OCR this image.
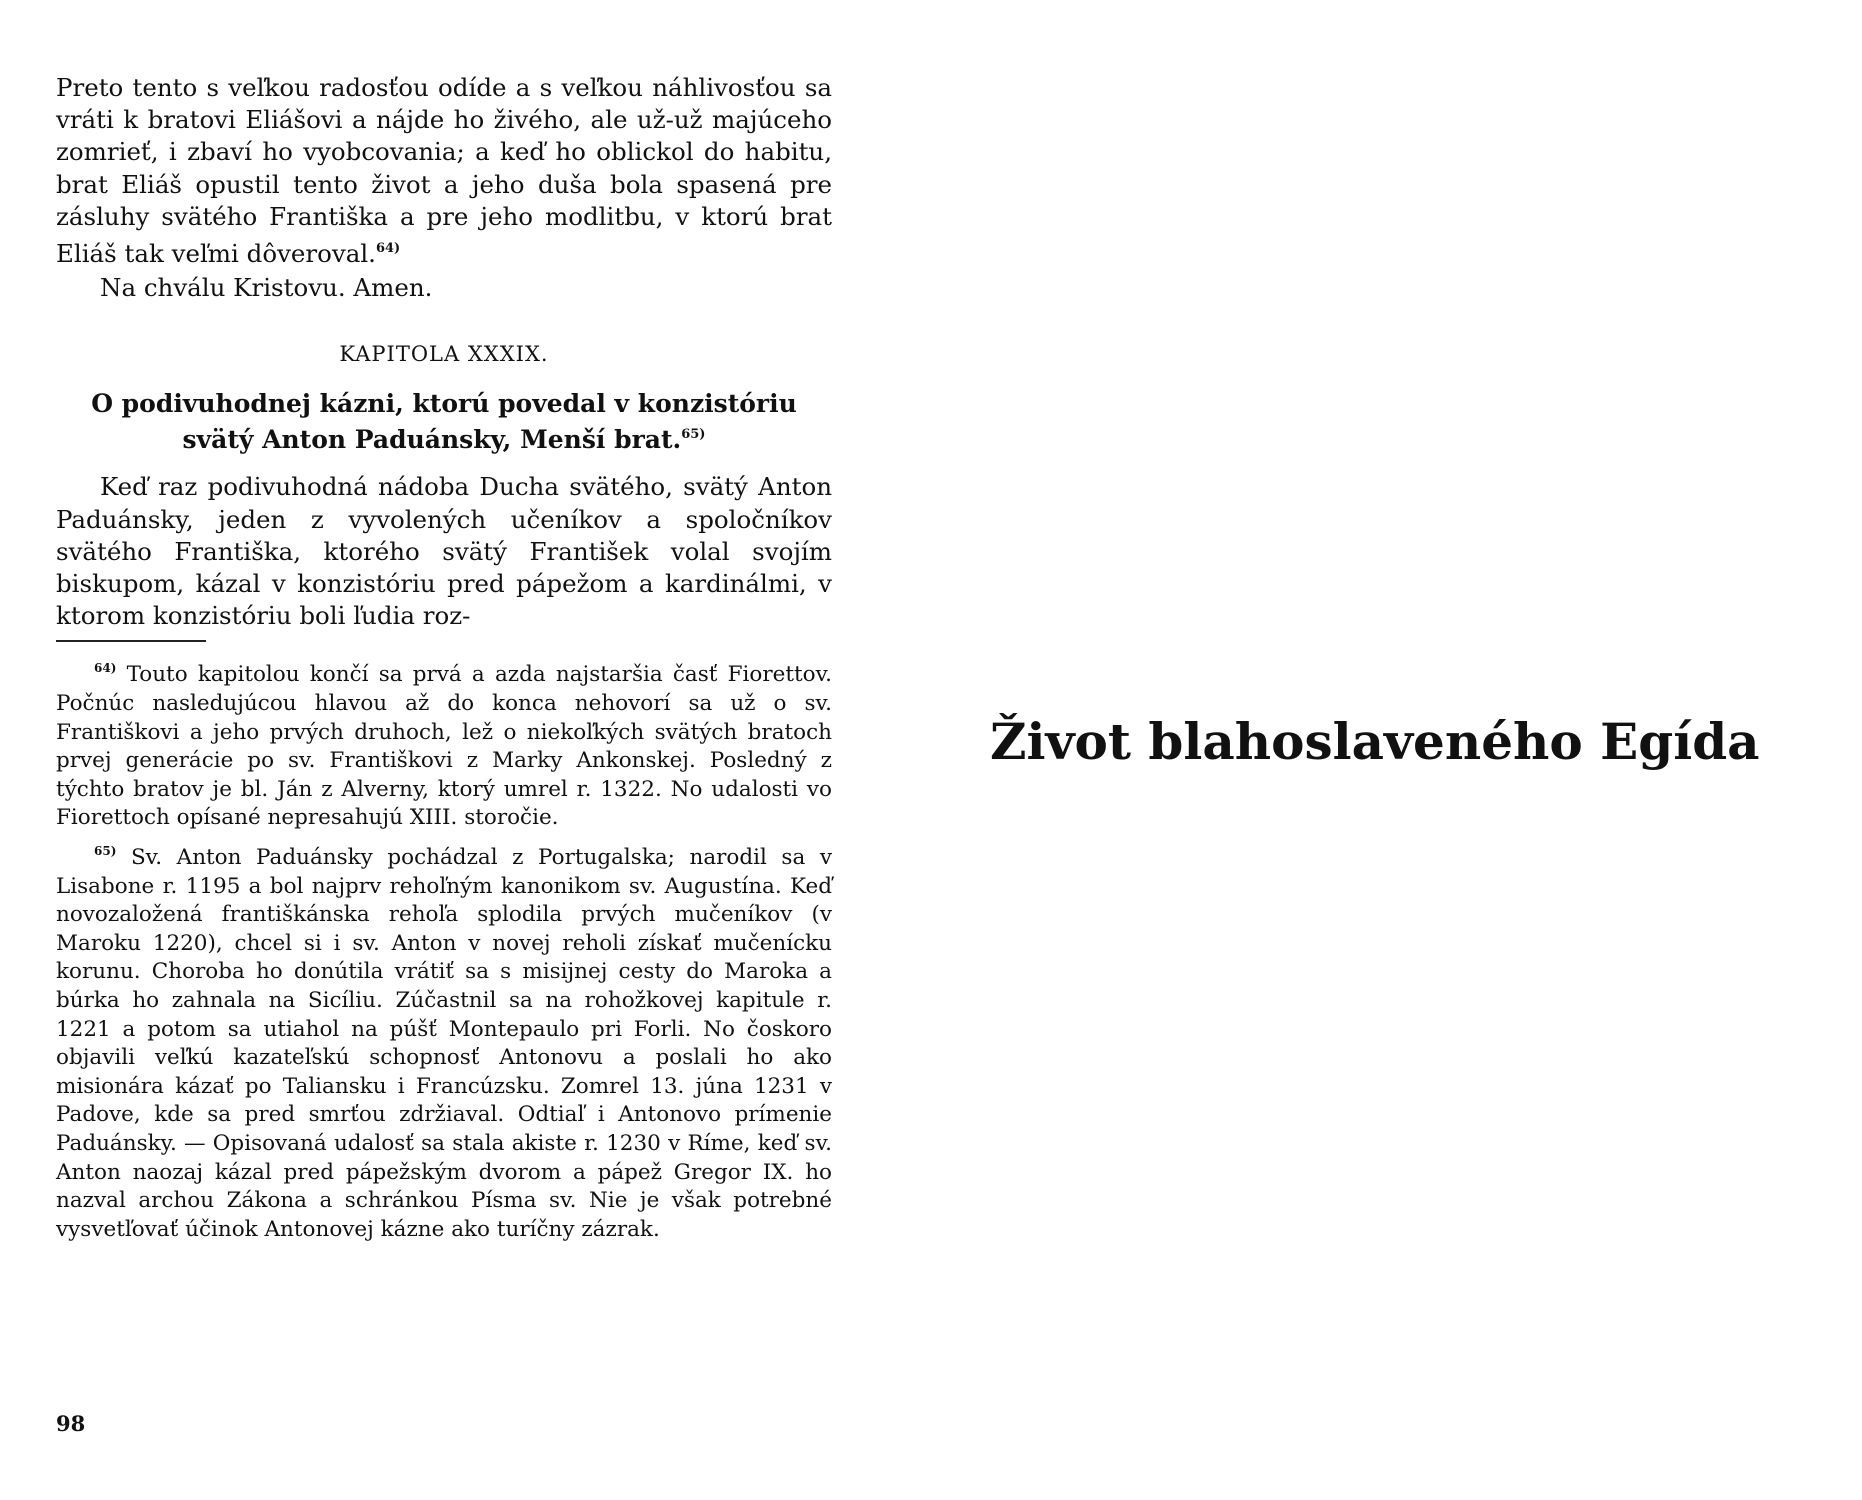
Preto tento s veľkou radosťou odíde a s veľkou náhlivosťou sa vráti k bratovi Eliášovi a nájde ho živého, ale už-už majúceho zomrieť, i zbaví ho vyobcovania; a keď ho oblickol do habitu, brat Eliáš opustil tento život a jeho duša bola spasená pre zásluhy svätého Františka a pre jeho modlitbu, v ktorú brat Eliáš tak veľmi dôveroval.$^{64)}$

Na chválu Kristovu. Amen.

KAPITOLA XXXIX.
O podivuhodnej kázni, ktorú povedal v konzistóriu svätý Anton Paduánsky, Menší brat.$^{65)}$

Keď raz podivuhodná nádoba Ducha svätého, svätý Anton Paduánsky, jeden z vyvolených učeníkov a spoločníkov svätého Františka, ktorého svätý František volal svojím biskupom, kázal v konzistóriu pred pápežom a kardinálmi, v ktorom konzistóriu boli ľudia roz-

$^{64)}$ Touto kapitolou končí sa prvá a azda najstaršia časť Fiorettov. Počnúc nasledujúcou hlavou až do konca nehovorí sa už o sv. Františkovi a jeho prvých druhoch, lež o niekoľkých svätých bratoch prvej generácie po sv. Františkovi z Marky Ankonskej. Posledný z týchto bratov je bl. Ján z Alverny, ktorý umrel r. 1322. No udalosti vo Fiorettoch opísané nepresahujú XIII. storočie.

$^{65)}$ Sv. Anton Paduánsky pochádzal z Portugalska; narodil sa v Lisabone r. 1195 a bol najprv rehoľným kanonikom sv. Augustína. Keď novozaložená františkánska rehoľa splodila prvých mučeníkov (v Maroku 1220), chcel si i sv. Anton v novej reholi získať mučenícku korunu. Choroba ho donútila vrátiť sa s misijnej cesty do Maroka a búrka ho zahnala na Sicíliu. Zúčastnil sa na rohožkovej kapitule r. 1221 a potom sa utiahol na púšť Montepaulo pri Forli. No čoskoro objavili veľkú kazateľskú schopnosť Antonovu a poslali ho ako misionára kázať po Taliansku i Francúzsku. Zomrel 13. júna 1231 v Padove, kde sa pred smrťou zdržiaval. Odtiaľ i Antonovo prímenie Paduánsky. — Opisovaná udalosť sa stala akiste r. 1230 v Ríme, keď sv. Anton naozaj kázal pred pápežským dvorom a pápež Gregor IX. ho nazval archou Zákona a schránkou Písma sv. Nie je však potrebné vysvetľovať účinok Antonovej kázne ako turíčny zázrak.

98
Život blahoslaveného Egída
